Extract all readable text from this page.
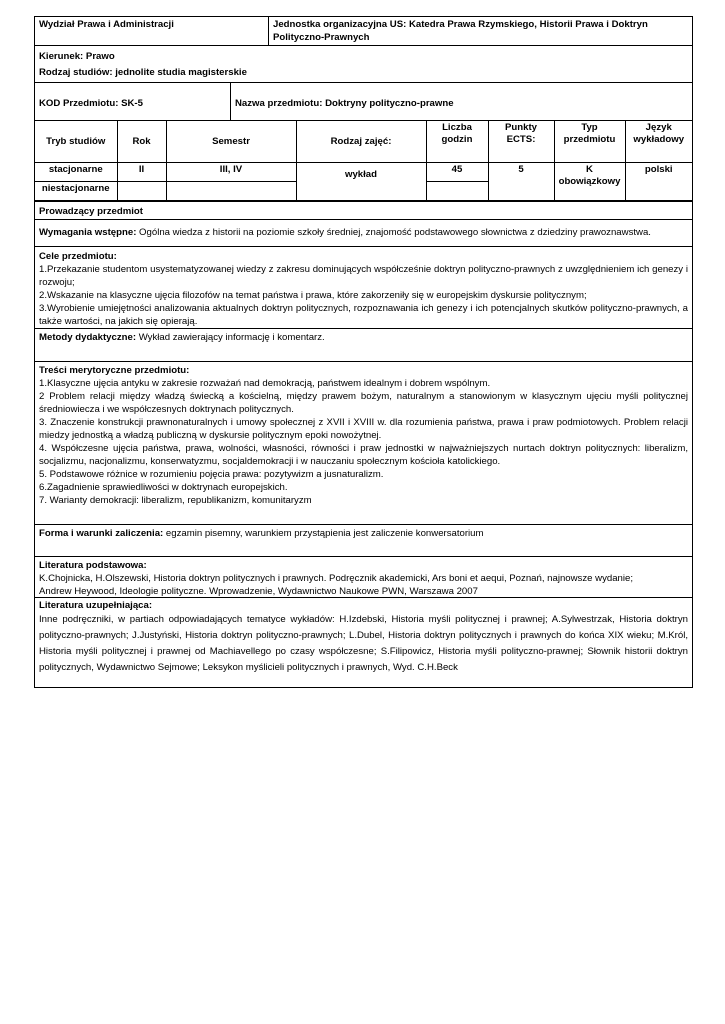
Wydział Prawa i Administracji	Jednostka organizacyjna US: Katedra Prawa Rzymskiego, Historii Prawa i Doktryn Polityczno-Prawnych
Kierunek: Prawo
Rodzaj studiów: jednolite studia magisterskie
KOD Przedmiotu: SK-5	Nazwa przedmiotu: Doktryny polityczno-prawne
Tryb studiów	Rok	Semestr	Rodzaj zajęć:	Liczba godzin	Punkty ECTS:	Typ przedmiotu	Język wykładowy
stacjonarne	II	III, IV	wykład	45	5	K obowiązkowy	polski
niestacjonarne							
Prowadzący przedmiot
Wymagania wstępne: Ogólna wiedza z historii na poziomie szkoły średniej, znajomość podstawowego słownictwa z dziedziny prawoznawstwa.
Cele przedmiotu:
1.Przekazanie studentom usystematyzowanej wiedzy z zakresu dominujących współcześnie doktryn polityczno-prawnych z uwzględnieniem ich genezy i rozwoju;
2.Wskazanie na klasyczne ujęcia filozofów na temat państwa i prawa, które zakorzeniły się w europejskim dyskursie politycznym;
3.Wyrobienie umiejętności analizowania aktualnych doktryn politycznych, rozpoznawania ich genezy i ich potencjalnych skutków polityczno-prawnych, a także wartości, na jakich się opierają.
Metody dydaktyczne: Wykład zawierający informację i komentarz.
Treści merytoryczne przedmiotu:
1.Klasyczne ujęcia antyku w zakresie rozważań nad demokracją, państwem idealnym i dobrem wspólnym.
2 Problem relacji między władzą świecką a kościelną, między prawem bożym, naturalnym a stanowionym w klasycznym ujęciu myśli politycznej średniowiecza i we współczesnych doktrynach politycznych.
3. Znaczenie konstrukcji prawnonaturalnych i umowy społecznej z XVII i XVIII w. dla rozumienia państwa, prawa i praw podmiotowych. Problem relacji miedzy jednostką a władzą publiczną w dyskursie politycznym epoki nowożytnej.
4. Współczesne ujęcia państwa, prawa, wolności, własności, równości i praw jednostki w najważniejszych nurtach doktryn politycznych: liberalizm, socjalizmu, nacjonalizmu, konserwatyzmu, socjaldemokracji i w nauczaniu społecznym kościoła katolickiego.
5. Podstawowe różnice w rozumieniu pojęcia prawa: pozytywizm a jusnaturalizm.
6.Zagadnienie sprawiedliwości w doktrynach europejskich.
7. Warianty demokracji: liberalizm, republikanizm, komunitaryzm
Forma i warunki zaliczenia: egzamin pisemny, warunkiem przystąpienia jest zaliczenie konwersatorium
Literatura podstawowa:
K.Chojnicka, H.Olszewski, Historia doktryn politycznych i prawnych. Podręcznik akademicki, Ars boni et aequi, Poznań, najnowsze wydanie;
Andrew Heywood, Ideologie polityczne. Wprowadzenie, Wydawnictwo Naukowe PWN, Warszawa 2007
Literatura uzupełniająca:
Inne podręczniki, w partiach odpowiadających tematyce wykładów: H.Izdebski, Historia myśli politycznej i prawnej; A.Sylwestrzak, Historia doktryn polityczno-prawnych; J.Justyński, Historia doktryn polityczno-prawnych; L.Dubel, Historia doktryn politycznych i prawnych do końca XIX wieku; M.Król, Historia myśli politycznej i prawnej od Machiavellego po czasy współczesne; S.Filipowicz, Historia myśli polityczno-prawnej; Słownik historii doktryn politycznych, Wydawnictwo Sejmowe; Leksykon myślicieli politycznych i prawnych, Wyd. C.H.Beck
